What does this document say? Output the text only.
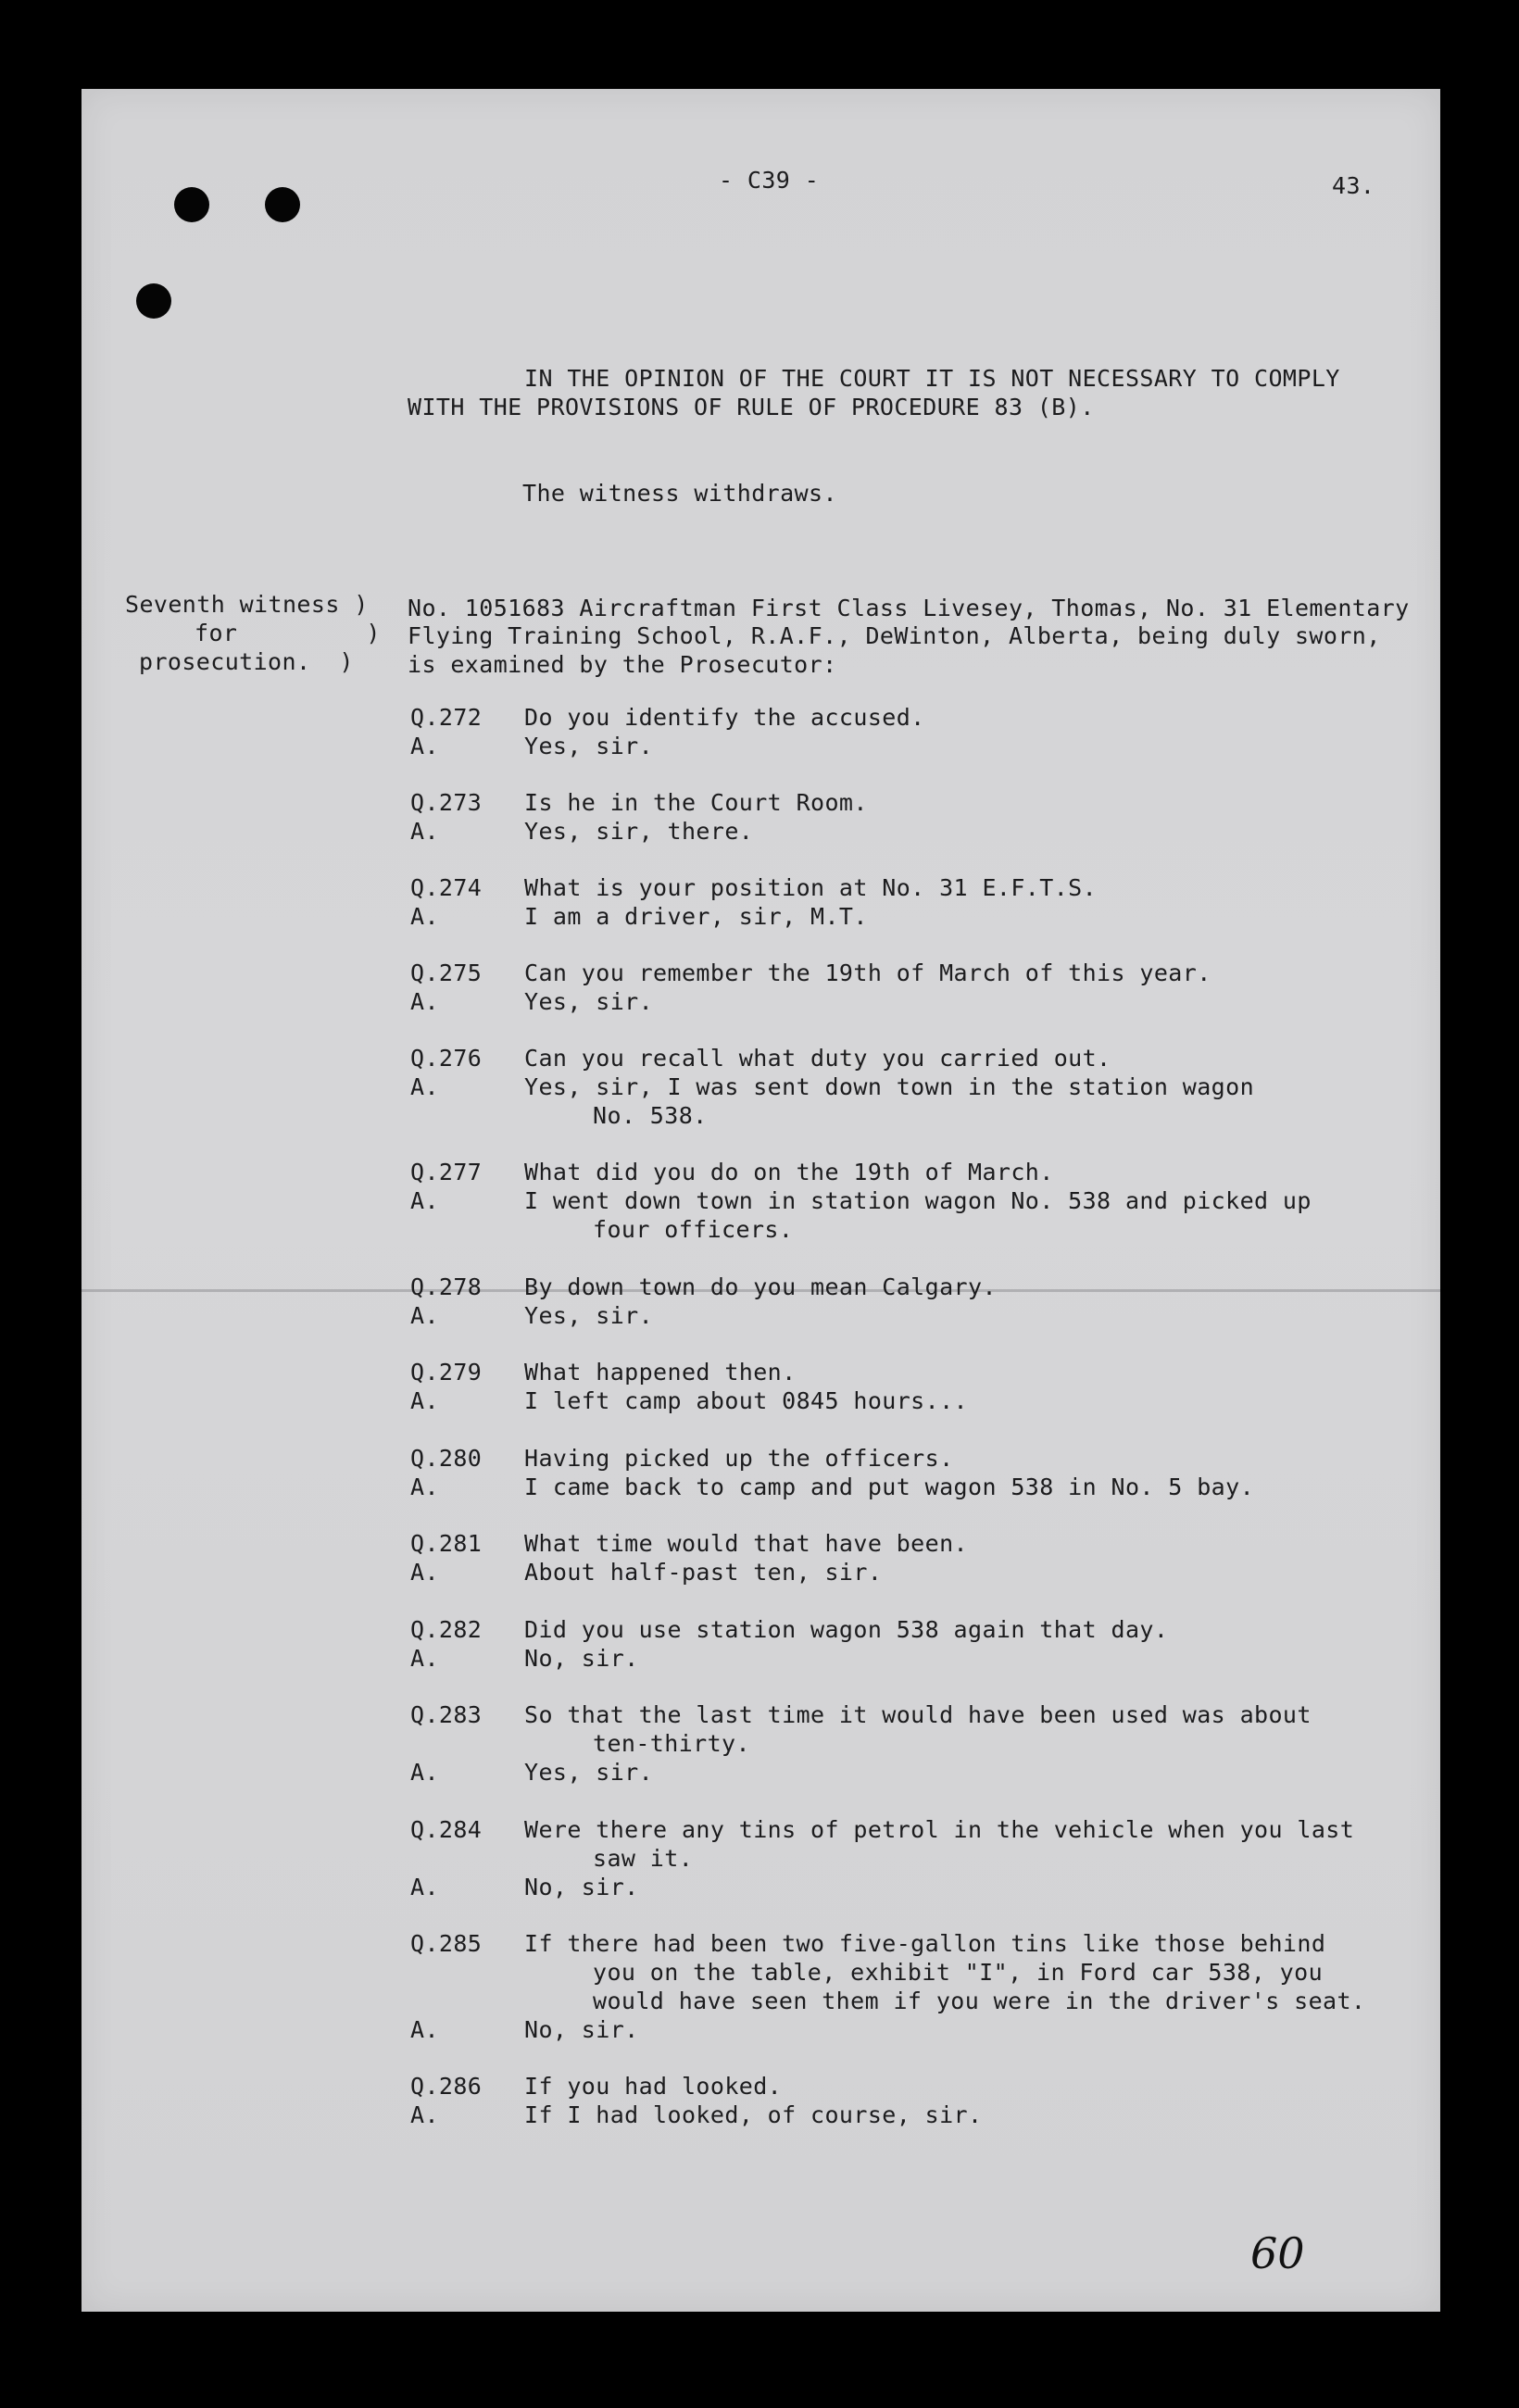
60
- C39 -	43.
IN THE OPINION OF THE COURT IT IS NOT NECESSARY TO COMPLY
WITH THE PROVISIONS OF RULE OF PROCEDURE 83 (B).
The witness withdraws.
Seventh witness )
for         )
prosecution.  )
No. 1051683 Aircraftman First Class Livesey, Thomas, No. 31 Elementary
Flying Training School, R.A.F., DeWinton, Alberta, being duly sworn,
is examined by the Prosecutor:
Q.272 Do you identify the accused.
A.	Yes, sir.
Q.273 Is he in the Court Room.
A.	Yes, sir, there.
Q.274 What is your position at No. 31 E.F.T.S.
A.	I am a driver, sir, M.T.
Q.275 Can you remember the 19th of March of this year.
A.	Yes, sir.
Q.276 Can you recall what duty you carried out.
A.	Yes, sir, I was sent down town in the station wagon
No. 538.
Q.277 What did you do on the 19th of March.
A.	I went down town in station wagon No. 538 and picked up
four officers.
Q.278 By down town do you mean Calgary.
A.	Yes, sir.
Q.279 What happened then.
A.	I left camp about 0845 hours...
Q.280 Having picked up the officers.
A.	I came back to camp and put wagon 538 in No. 5 bay.
Q.281 What time would that have been.
A.	About half-past ten, sir.
Q.282 Did you use station wagon 538 again that day.
A.	No, sir.
Q.283 So that the last time it would have been used was about
ten-thirty.
A.	Yes, sir.
Q.284 Were there any tins of petrol in the vehicle when you last
saw it.
A.	No, sir.
Q.285 If there had been two five-gallon tins like those behind
you on the table, exhibit "I", in Ford car 538, you
would have seen them if you were in the driver's seat.
A.	No, sir.
Q.286 If you had looked.
A.	If I had looked, of course, sir.
